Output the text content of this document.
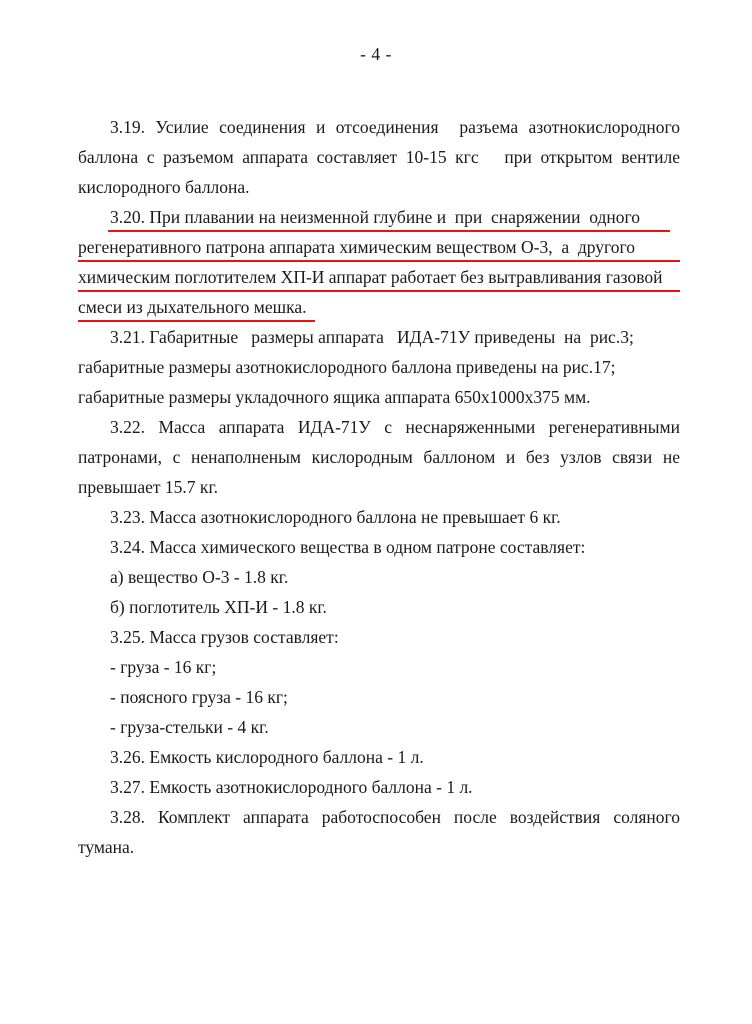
- 4 -

3.19. Усилие соединения и отсоединения  разъема азотнокислородного баллона с разъемом аппарата составляет 10-15 кгс   при открытом вентиле кислородного баллона.

3.20. При плавании на неизменной глубине и  при  снаряжении  одного
регенеративного патрона аппарата химическим веществом О-3,  а  другого
химическим поглотителем ХП-И аппарат работает без вытравливания газовой
смеси из дыхательного мешка.
3.21. Габаритные   размеры аппарата   ИДА-71У приведены  на  рис.3;
габаритные размеры азотнокислородного баллона приведены на рис.17;
габаритные размеры укладочного ящика аппарата 650х1000х375 мм.

3.22. Масса аппарата ИДА-71У с неснаряженными регенеративными патронами, с ненаполненым кислородным баллоном и без узлов связи не превышает 15.7 кг.

3.23. Масса азотнокислородного баллона не превышает 6 кг.

3.24. Масса химического вещества в одном патроне составляет:

а) вещество О-3 - 1.8 кг.

б) поглотитель ХП-И - 1.8 кг.

3.25. Масса грузов составляет:

- груза - 16 кг;

- поясного груза - 16 кг;

- груза-стельки - 4 кг.

3.26. Емкость кислородного баллона - 1 л.

3.27. Емкость азотнокислородного баллона - 1 л.

3.28. Комплект аппарата работоспособен после воздействия соляного тумана.
